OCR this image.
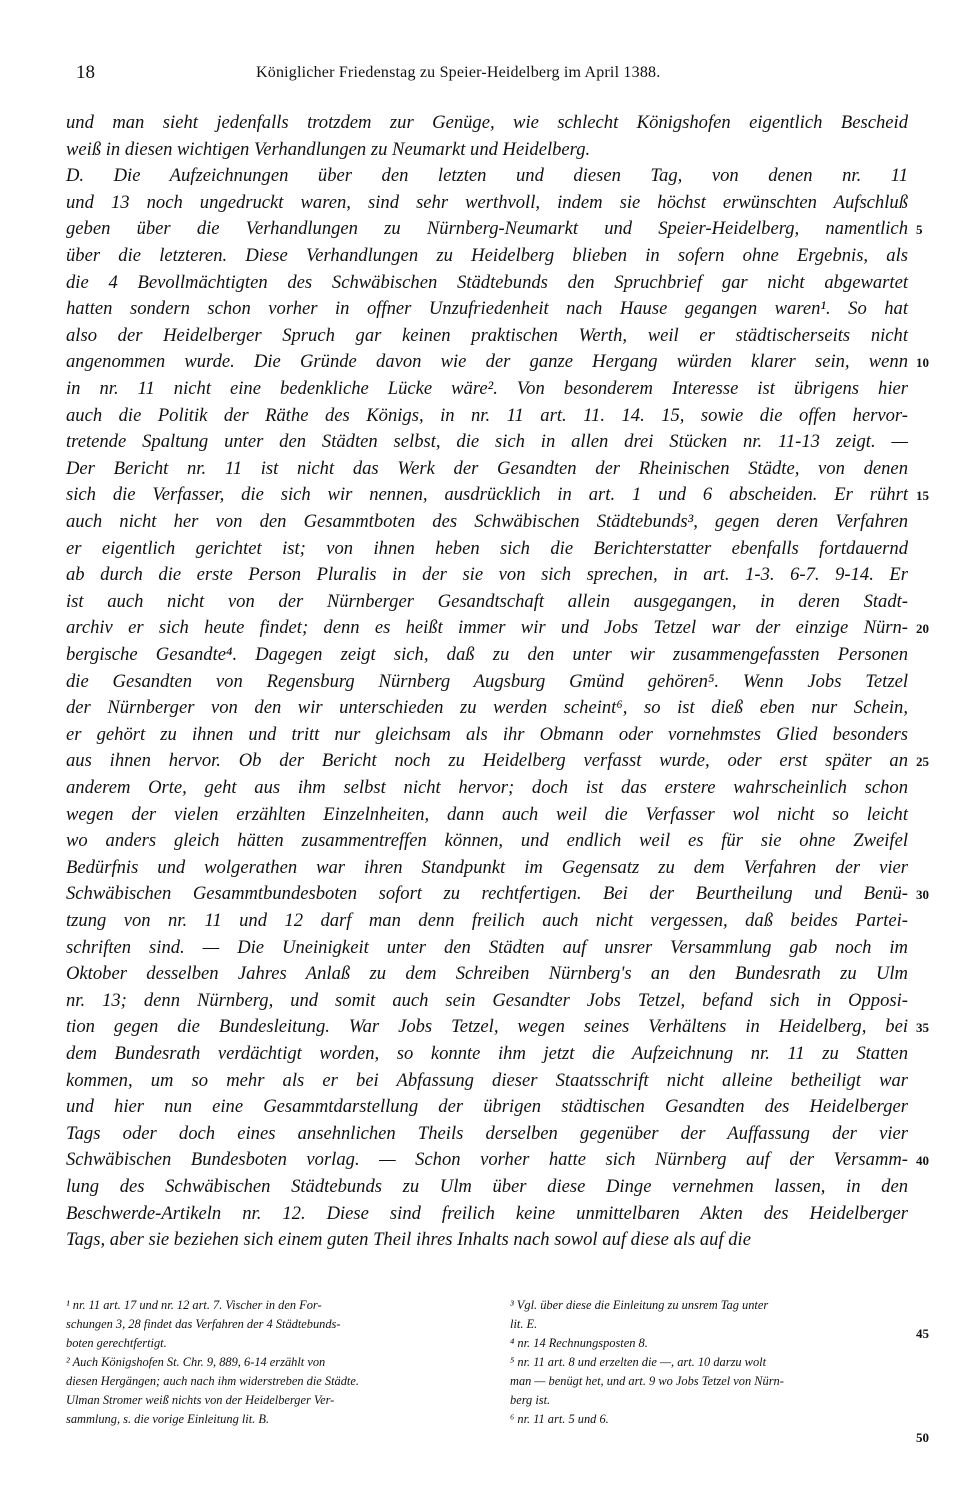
18	Königlicher Friedenstag zu Speier-Heidelberg im April 1388.
und man sieht jedenfalls trotzdem zur Genüge, wie schlecht Königshofen eigentlich Bescheid
weiß in diesen wichtigen Verhandlungen zu Neumarkt und Heidelberg.
D. Die Aufzeichnungen über den letzten und diesen Tag, von denen nr. 11
und 13 noch ungedruckt waren, sind sehr werthvoll, indem sie höchst erwünschten Aufschluß
geben über die Verhandlungen zu Nürnberg-Neumarkt und Speier-Heidelberg, namentlich
über die letzteren. Diese Verhandlungen zu Heidelberg blieben in sofern ohne Ergebnis, als
die 4 Bevollmächtigten des Schwäbischen Städtebunds den Spruchbrief gar nicht abgewartet
hatten sondern schon vorher in offner Unzufriedenheit nach Hause gegangen waren¹. So hat
also der Heidelberger Spruch gar keinen praktischen Werth, weil er städtischerseits nicht
angenommen wurde. Die Gründe davon wie der ganze Hergang würden klarer sein, wenn
in nr. 11 nicht eine bedenkliche Lücke wäre². Von besonderem Interesse ist übrigens hier
auch die Politik der Räthe des Königs, in nr. 11 art. 11. 14. 15, sowie die offen hervor-
tretende Spaltung unter den Städten selbst, die sich in allen drei Stücken nr. 11-13 zeigt. —
Der Bericht nr. 11 ist nicht das Werk der Gesandten der Rheinischen Städte, von denen
sich die Verfasser, die sich wir nennen, ausdrücklich in art. 1 und 6 abscheiden. Er rührt
auch nicht her von den Gesammtboten des Schwäbischen Städtebunds³, gegen deren Verfahren
er eigentlich gerichtet ist; von ihnen heben sich die Berichterstatter ebenfalls fortdauernd
ab durch die erste Person Pluralis in der sie von sich sprechen, in art. 1-3. 6-7. 9-14. Er
ist auch nicht von der Nürnberger Gesandtschaft allein ausgegangen, in deren Stadt-
archiv er sich heute findet; denn es heißt immer wir und Jobs Tetzel war der einzige Nürn-
bergische Gesandte⁴. Dagegen zeigt sich, daß zu den unter wir zusammengefassten Personen
die Gesandten von Regensburg Nürnberg Augsburg Gmünd gehören⁵. Wenn Jobs Tetzel
der Nürnberger von den wir unterschieden zu werden scheint⁶, so ist dieß eben nur Schein,
er gehört zu ihnen und tritt nur gleichsam als ihr Obmann oder vornehmstes Glied besonders
aus ihnen hervor. Ob der Bericht noch zu Heidelberg verfasst wurde, oder erst später an
anderem Orte, geht aus ihm selbst nicht hervor; doch ist das erstere wahrscheinlich schon
wegen der vielen erzählten Einzelnheiten, dann auch weil die Verfasser wol nicht so leicht
wo anders gleich hätten zusammentreffen können, und endlich weil es für sie ohne Zweifel
Bedürfnis und wolgerathen war ihren Standpunkt im Gegensatz zu dem Verfahren der vier
Schwäbischen Gesammtbundesboten sofort zu rechtfertigen. Bei der Beurtheilung und Benü-
tzung von nr. 11 und 12 darf man denn freilich auch nicht vergessen, daß beides Partei-
schriften sind. — Die Uneinigkeit unter den Städten auf unsrer Versammlung gab noch im
Oktober desselben Jahres Anlaß zu dem Schreiben Nürnberg's an den Bundesrath zu Ulm
nr. 13; denn Nürnberg, und somit auch sein Gesandter Jobs Tetzel, befand sich in Opposi-
tion gegen die Bundesleitung. War Jobs Tetzel, wegen seines Verhältens in Heidelberg, bei
dem Bundesrath verdächtigt worden, so konnte ihm jetzt die Aufzeichnung nr. 11 zu Statten
kommen, um so mehr als er bei Abfassung dieser Staatsschrift nicht alleine betheiligt war
und hier nun eine Gesammtdarstellung der übrigen städtischen Gesandten des Heidelberger
Tags oder doch eines ansehnlichen Theils derselben gegenüber der Auffassung der vier
Schwäbischen Bundesboten vorlag. — Schon vorher hatte sich Nürnberg auf der Versamm-
lung des Schwäbischen Städtebunds zu Ulm über diese Dinge vernehmen lassen, in den
Beschwerde-Artikeln nr. 12. Diese sind freilich keine unmittelbaren Akten des Heidelberger
Tags, aber sie beziehen sich einem guten Theil ihres Inhalts nach sowol auf diese als auf die
5
10
15
20
25
30
35
40

¹ nr. 11 art. 17 und nr. 12 art. 7. Vischer in den For-

schungen 3, 28 findet das Verfahren der 4 Städtebunds-

boten gerechtfertigt.

² Auch Königshofen St. Chr. 9, 889, 6-14 erzählt von

diesen Hergängen; auch nach ihm widerstreben die Städte.

Ulman Stromer weiß nichts von der Heidelberger Ver-

sammlung, s. die vorige Einleitung lit. B.

³ Vgl. über diese die Einleitung zu unsrem Tag unter

lit. E.

⁴ nr. 14 Rechnungsposten 8.

⁵ nr. 11 art. 8 und erzelten die —, art. 10 darzu wolt

man — benügt het, und art. 9 wo Jobs Tetzel von Nürn-

berg ist.

⁶ nr. 11 art. 5 und 6.

45
50
